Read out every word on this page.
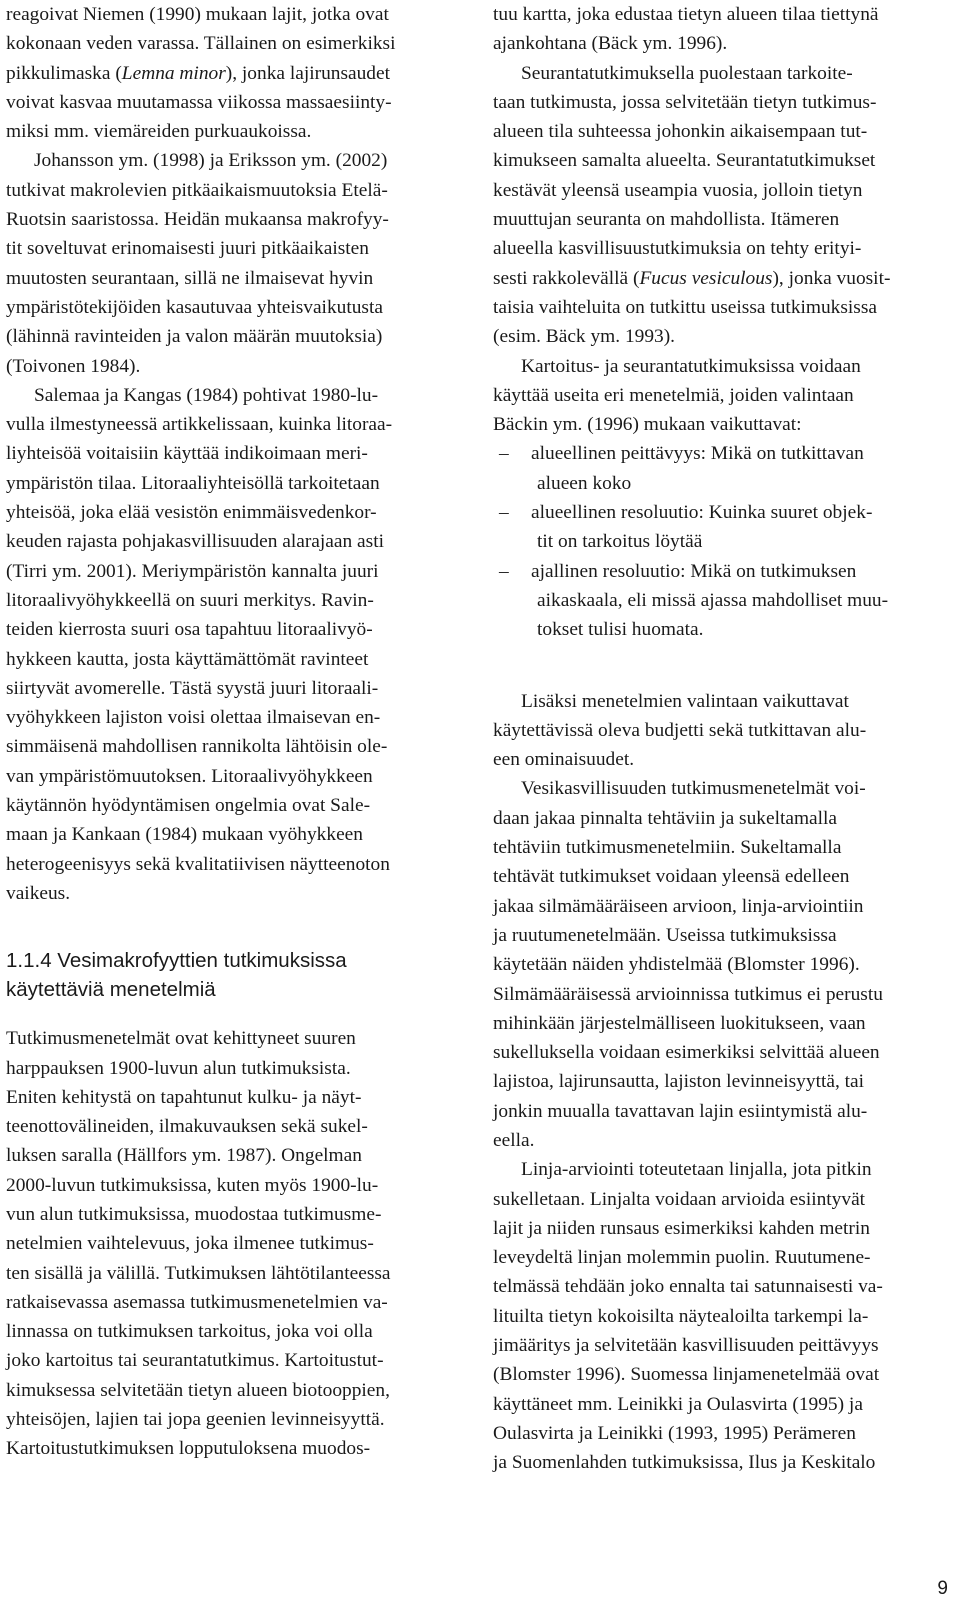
reagoivat Niemen (1990) mukaan lajit, jotka ovat
kokonaan veden varassa. Tällainen on esimerkiksi
pikkulimaska (Lemna minor), jonka lajirunsaudet
voivat kasvaa muutamassa viikossa massaesiinty-
miksi mm. viemäreiden purkuaukoissa.
Johansson ym. (1998) ja Eriksson ym. (2002)
tutkivat makrolevien pitkäaikaismuutoksia Etelä-
Ruotsin saaristossa. Heidän mukaansa makrofyy-
tit soveltuvat erinomaisesti juuri pitkäaikaisten
muutosten seurantaan, sillä ne ilmaisevat hyvin
ympäristötekijöiden kasautuvaa yhteisvaikutusta
(lähinnä ravinteiden ja valon määrän muutoksia)
(Toivonen 1984).
Salemaa ja Kangas (1984) pohtivat 1980-lu-
vulla ilmestyneessä artikkelissaan, kuinka litoraa-
liyhteisöä voitaisiin käyttää indikoimaan meri-
ympäristön tilaa. Litoraaliyhteisöllä tarkoitetaan
yhteisöä, joka elää vesistön enimmäisvedenkor-
keuden rajasta pohjakasvillisuuden alarajaan asti
(Tirri ym. 2001). Meriympäristön kannalta juuri
litoraalivyöhykkeellä on suuri merkitys. Ravin-
teiden kierrosta suuri osa tapahtuu litoraalivyö-
hykkeen kautta, josta käyttämättömät ravinteet
siirtyvät avomerelle. Tästä syystä juuri litoraali-
vyöhykkeen lajiston voisi olettaa ilmaisevan en-
simmäisenä mahdollisen rannikolta lähtöisin ole-
van ympäristömuutoksen. Litoraalivyöhykkeen
käytännön hyödyntämisen ongelmia ovat Sale-
maan ja Kankaan (1984) mukaan vyöhykkeen
heterogeenisyys sekä kvalitatiivisen näytteenoton
vaikeus.
1.1.4 Vesimakrofyyttien tutkimuksissa
käytettäviä menetelmiä
Tutkimusmenetelmät ovat kehittyneet suuren
harppauksen 1900-luvun alun tutkimuksista.
Eniten kehitystä on tapahtunut kulku- ja näyt-
teenottovälineiden, ilmakuvauksen sekä sukel-
luksen saralla (Hällfors ym. 1987). Ongelman
2000-luvun tutkimuksissa, kuten myös 1900-lu-
vun alun tutkimuksissa, muodostaa tutkimusme-
netelmien vaihtelevuus, joka ilmenee tutkimus-
ten sisällä ja välillä. Tutkimuksen lähtötilanteessa
ratkaisevassa asemassa tutkimusmenetelmien va-
linnassa on tutkimuksen tarkoitus, joka voi olla
joko kartoitus tai seurantatutkimus. Kartoitustut-
kimuksessa selvitetään tietyn alueen biotooppien,
yhteisöjen, lajien tai jopa geenien levinneisyyttä.
Kartoitustutkimuksen lopputuloksena muodos-
tuu kartta, joka edustaa tietyn alueen tilaa tiettynä
ajankohtana (Bäck ym. 1996).
Seurantatutkimuksella puolestaan tarkoite-
taan tutkimusta, jossa selvitetään tietyn tutkimus-
alueen tila suhteessa johonkin aikaisempaan tut-
kimukseen samalta alueelta. Seurantatutkimukset
kestävät yleensä useampia vuosia, jolloin tietyn
muuttujan seuranta on mahdollista. Itämeren
alueella kasvillisuustutkimuksia on tehty erityi-
sesti rakkolevällä (Fucus vesiculous), jonka vuosit-
taisia vaihteluita on tutkittu useissa tutkimuksissa
(esim. Bäck ym. 1993).
Kartoitus- ja seurantatutkimuksissa voidaan
käyttää useita eri menetelmiä, joiden valintaan
Bäckin ym. (1996) mukaan vaikuttavat:
– alueellinen peittävyys: Mikä on tutkittavan
alueen koko
– alueellinen resoluutio: Kuinka suuret objek-
tit on tarkoitus löytää
– ajallinen resoluutio: Mikä on tutkimuksen
aikaskaala, eli missä ajassa mahdolliset muu-
tokset tulisi huomata.
Lisäksi menetelmien valintaan vaikuttavat
käytettävissä oleva budjetti sekä tutkittavan alu-
een ominaisuudet.
Vesikasvillisuuden tutkimusmenetelmät voi-
daan jakaa pinnalta tehtäviin ja sukeltamalla
tehtäviin tutkimusmenetelmiin. Sukeltamalla
tehtävät tutkimukset voidaan yleensä edelleen
jakaa silmämääräiseen arvioon, linja-arviointiin
ja ruutumenetelmään. Useissa tutkimuksissa
käytetään näiden yhdistelmää (Blomster 1996).
Silmämääräisessä arvioinnissa tutkimus ei perustu
mihinkään järjestelmälliseen luokitukseen, vaan
sukelluksella voidaan esimerkiksi selvittää alueen
lajistoa, lajirunsautta, lajiston levinneisyyttä, tai
jonkin muualla tavattavan lajin esiintymistä alu-
eella.
Linja-arviointi toteutetaan linjalla, jota pitkin
sukelletaan. Linjalta voidaan arvioida esiintyvät
lajit ja niiden runsaus esimerkiksi kahden metrin
leveydeltä linjan molemmin puolin. Ruutumene-
telmässä tehdään joko ennalta tai satunnaisesti va-
lituilta tietyn kokoisilta näytealoilta tarkempi la-
jimääritys ja selvitetään kasvillisuuden peittävyys
(Blomster 1996). Suomessa linjamenetelmää ovat
käyttäneet mm. Leinikki ja Oulasvirta (1995) ja
Oulasvirta ja Leinikki (1993, 1995) Perämeren
ja Suomenlahden tutkimuksissa, Ilus ja Keskitalo
9
